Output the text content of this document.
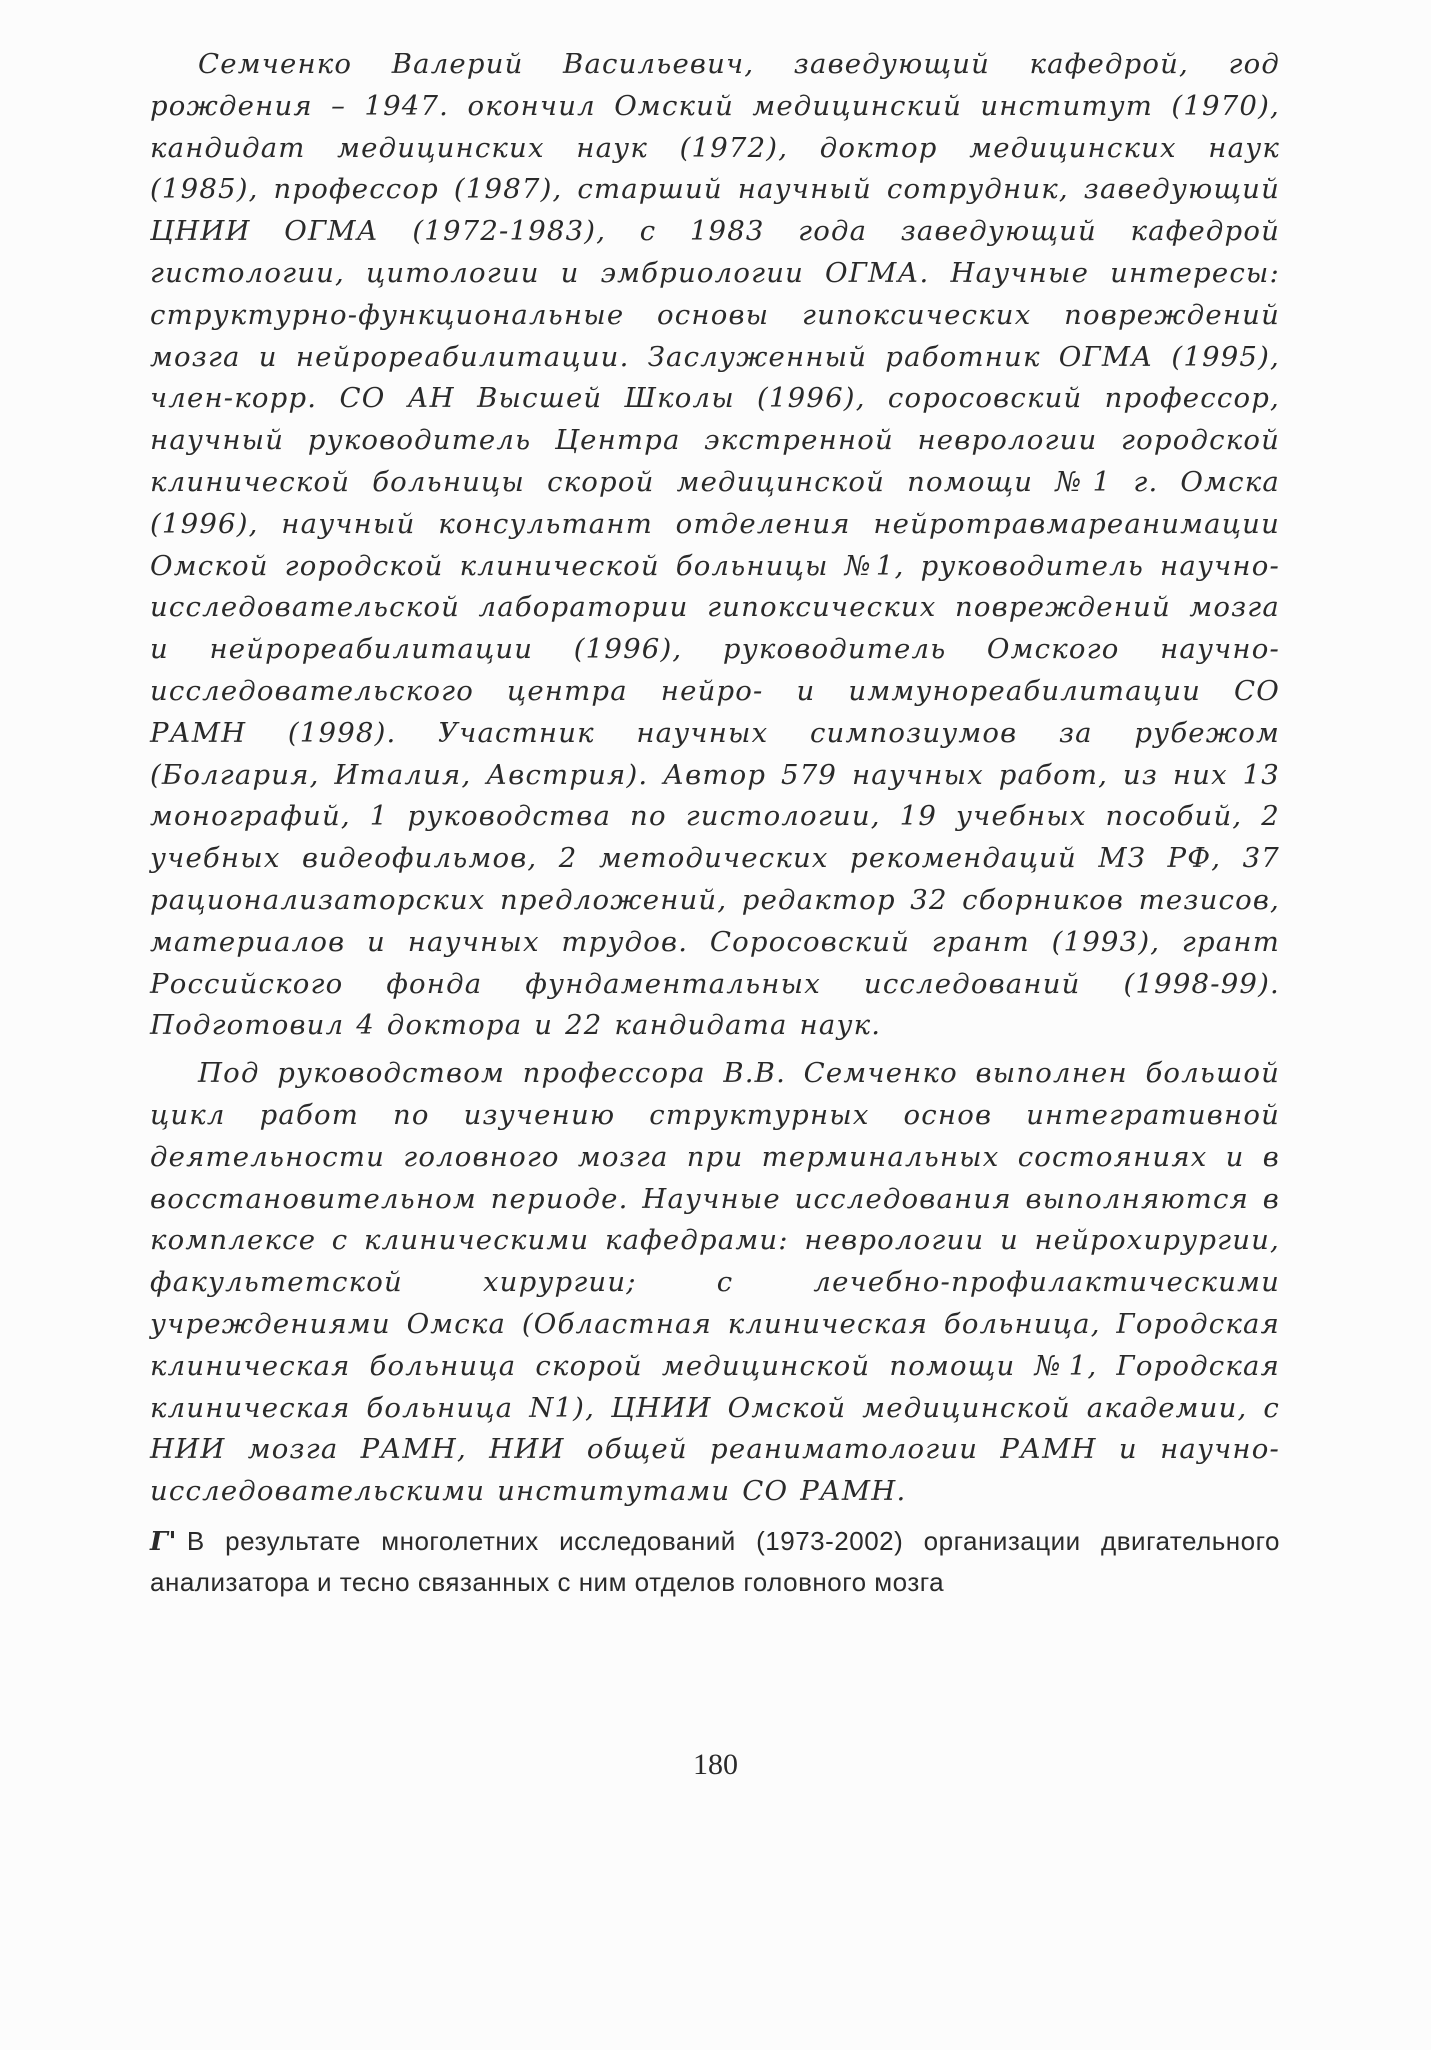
Семченко Валерий Васильевич, заведующий кафедрой, год рождения – 1947. окончил Омский медицинский институт (1970), кандидат медицинских наук (1972), доктор медицинских наук (1985), профессор (1987), старший научный сотрудник, заведующий ЦНИИ ОГМА (1972-1983), с 1983 года заведующий кафедрой гистологии, цитологии и эмбриологии ОГМА. Научные интересы: структурно-функциональные основы гипоксических повреждений мозга и нейрореабилитации. Заслуженный работник ОГМА (1995), член-корр. СО АН Высшей Школы (1996), соросовский профессор, научный руководитель Центра экстренной неврологии городской клинической больницы скорой медицинской помощи №1 г. Омска (1996), научный консультант отделения нейротравмареанимации Омской городской клинической больницы №1, руководитель научно-исследовательской лаборатории гипоксических повреждений мозга и нейрореабилитации (1996), руководитель Омского научно-исследовательского центра нейро- и иммунореабилитации СО РАМН (1998). Участник научных симпозиумов за рубежом (Болгария, Италия, Австрия). Автор 579 научных работ, из них 13 монографий, 1 руководства по гистологии, 19 учебных пособий, 2 учебных видеофильмов, 2 методических рекомендаций МЗ РФ, 37 рационализаторских предложений, редактор 32 сборников тезисов, материалов и научных трудов. Соросовский грант (1993), грант Российского фонда фундаментальных исследований (1998-99). Подготовил 4 доктора и 22 кандидата наук.

Под руководством профессора В.В. Семченко выполнен большой цикл работ по изучению структурных основ интегративной деятельности головного мозга при терминальных состояниях и в восстановительном периоде. Научные исследования выполняются в комплексе с клиническими кафедрами: неврологии и нейрохирургии, факультетской хирургии; с лечебно-профилактическими учреждениями Омска (Областная клиническая больница, Городская клиническая больница скорой медицинской помощи №1, Городская клиническая больница N1), ЦНИИ Омской медицинской академии, с НИИ мозга РАМН, НИИ общей реаниматологии РАМН и научно-исследовательскими институтами СО РАМН.

Г' В результате многолетних исследований (1973-2002) организации двигательного анализатора и тесно связанных с ним отделов головного мозга

180
